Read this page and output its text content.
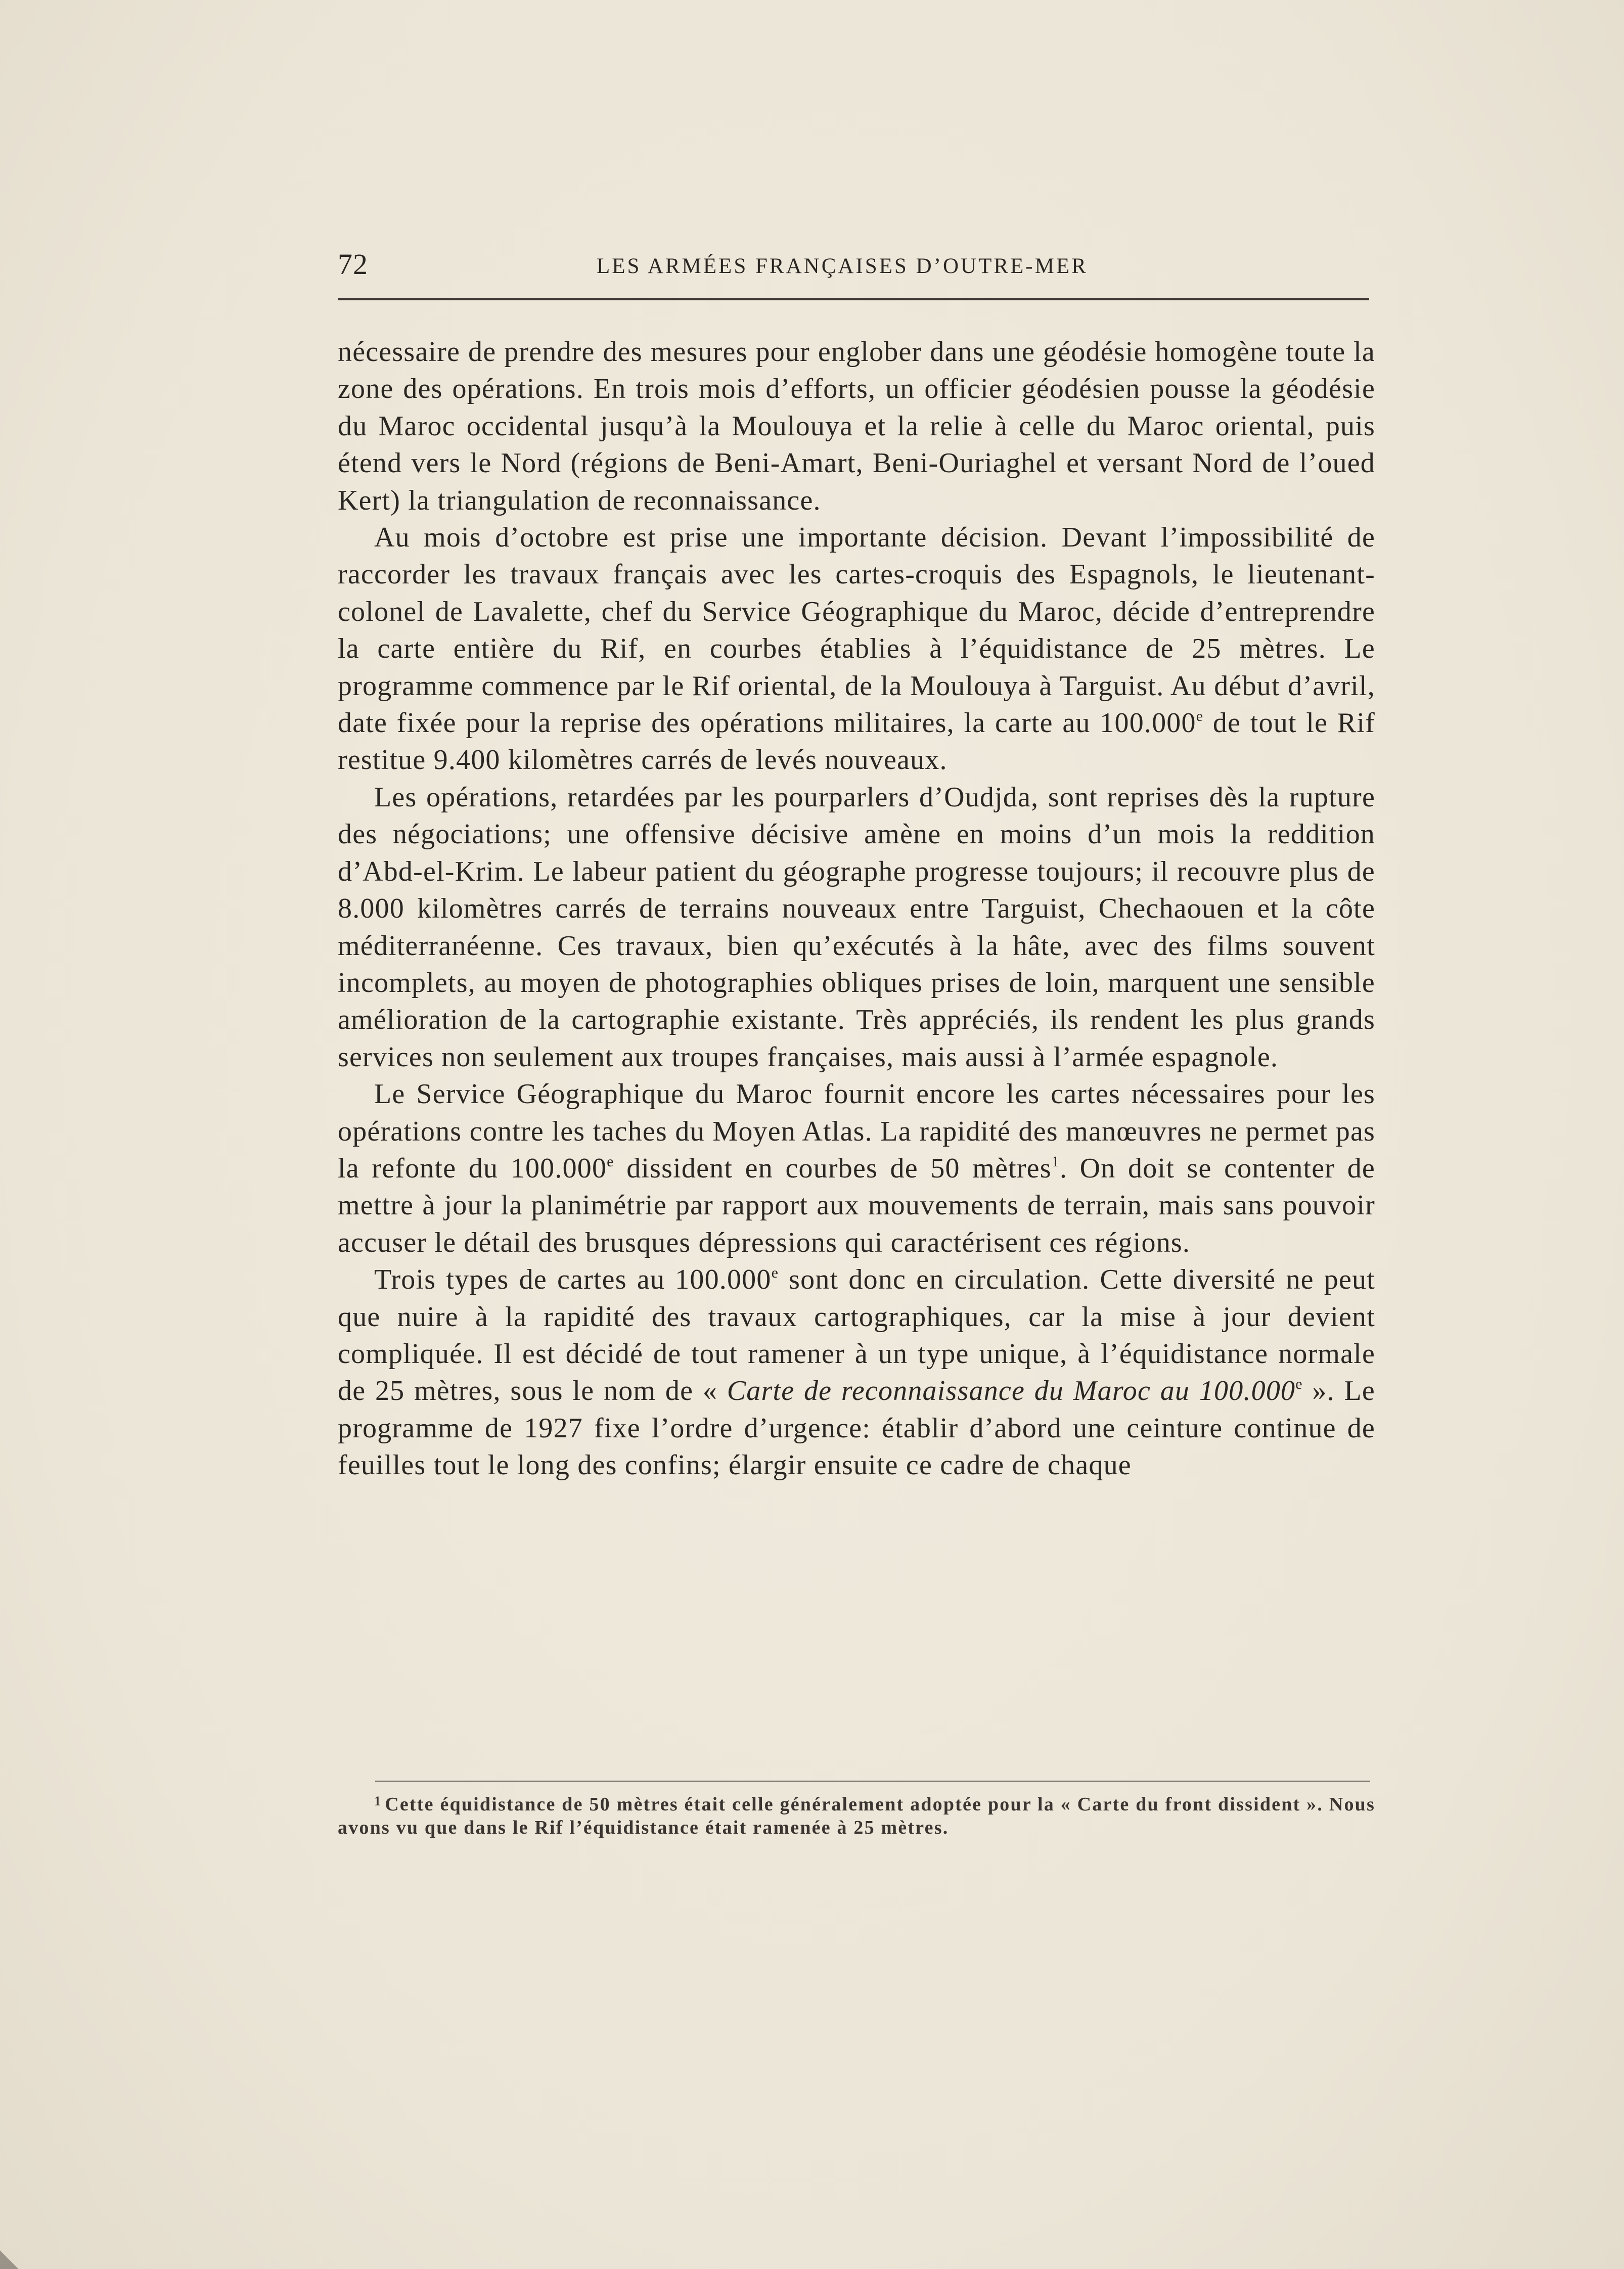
72	LES ARMÉES FRANÇAISES D’OUTRE-MER

nécessaire de prendre des mesures pour englober dans une géodésie homogène toute la zone des opérations. En trois mois d’efforts, un officier géodésien pousse la géodésie du Maroc occidental jusqu’à la Moulouya et la relie à celle du Maroc oriental, puis étend vers le Nord (régions de Beni-Amart, Beni-Ouriaghel et versant Nord de l’oued Kert) la triangulation de reconnaissance.

Au mois d’octobre est prise une importante décision. Devant l’impossibilité de raccorder les travaux français avec les cartes-croquis des Espagnols, le lieutenant-colonel de Lavalette, chef du Service Géographique du Maroc, décide d’entreprendre la carte entière du Rif, en courbes établies à l’équidistance de 25 mètres. Le programme commence par le Rif oriental, de la Moulouya à Targuist. Au début d’avril, date fixée pour la reprise des opérations militaires, la carte au 100.000e de tout le Rif restitue 9.400 kilomètres carrés de levés nouveaux.

Les opérations, retardées par les pourparlers d’Oudjda, sont reprises dès la rupture des négociations; une offensive décisive amène en moins d’un mois la reddition d’Abd-el-Krim. Le labeur patient du géographe progresse toujours; il recouvre plus de 8.000 kilomètres carrés de terrains nouveaux entre Targuist, Chechaouen et la côte méditerranéenne. Ces travaux, bien qu’exécutés à la hâte, avec des films souvent incomplets, au moyen de photographies obliques prises de loin, marquent une sensible amélioration de la cartographie existante. Très appréciés, ils rendent les plus grands services non seulement aux troupes françaises, mais aussi à l’armée espagnole.

Le Service Géographique du Maroc fournit encore les cartes nécessaires pour les opérations contre les taches du Moyen Atlas. La rapidité des manœuvres ne permet pas la refonte du 100.000e dissident en courbes de 50 mètres$^1$. On doit se contenter de mettre à jour la planimétrie par rapport aux mouvements de terrain, mais sans pouvoir accuser le détail des brusques dépressions qui caractérisent ces régions.

Trois types de cartes au 100.000e sont donc en circulation. Cette diversité ne peut que nuire à la rapidité des travaux cartographiques, car la mise à jour devient compliquée. Il est décidé de tout ramener à un type unique, à l’équidistance normale de 25 mètres, sous le nom de « Carte de reconnaissance du Maroc au 100.000e ». Le programme de 1927 fixe l’ordre d’urgence: établir d’abord une ceinture continue de feuilles tout le long des confins; élargir ensuite ce cadre de chaque

$^1$ Cette équidistance de 50 mètres était celle généralement adoptée pour la « Carte du front dissident ». Nous avons vu que dans le Rif l’équidistance était ramenée à 25 mètres.
